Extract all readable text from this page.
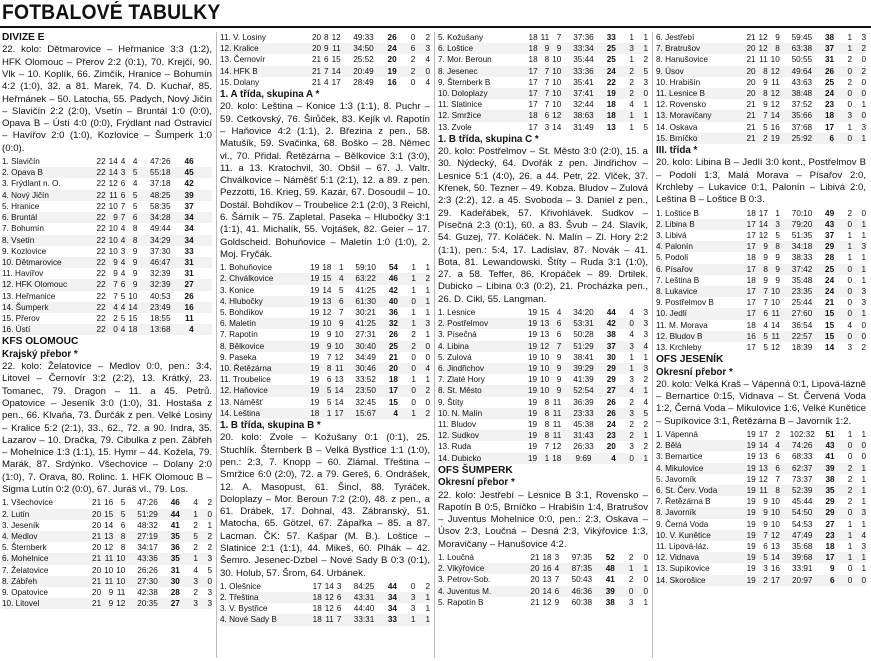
FOTBALOVÉ TABULKY
DIVIZE E

22. kolo: Dětmarovice – Heřmanice 3:3 (1:2), HFK Olomouc – Přerov 2:2 (0:1), 70. Krejčí, 90. Vlk – 10. Koplík, 66. Zimčík, Hranice – Bohumín 4:2 (1:0), 32. a 81. Marek, 74. D. Kuchař, 85. Heřmánek – 50. Latocha, 55. Padych, Nový Jičín – Slavičín 2:2 (2:0), Vsetín – Bruntál 1:0 (0:0), Opava B – Ústí 4:0 (0:0), Frýdlant nad Ostravicí – Havířov 2:0 (1:0), Kozlovice – Šumperk 1:0 (0:0).

1. Slavičín	22	14	4	4	47:26	46	
2. Opava B	22	14	3	5	55:18	45	
3. Frýdlant n. O.	22	12	6	4	37:18	42	
4. Nový Jičín	22	11	6	5	48:25	39	
5. Hranice	22	10	7	5	58:35	37	
6. Bruntál	22	9	7	6	34:28	34	
7. Bohumín	22	10	4	8	49:44	34	
8. Vsetín	22	10	4	8	34:29	34	
9. Kozlovice	22	10	3	9	37:30	33	
10. Dětmarovice	22	9	4	9	46:47	31	
11. Havířov	22	9	4	9	32:39	31	
12. HFK Olomouc	22	7	6	9	32:39	27	
13. Heřmanice	22	7	5	10	40:53	26	
14. Šumperk	22	4	4	14	23:49	16	
15. Přerov	22	2	5	15	18:55	11	
16. Ústí	22	0	4	18	13:68	4	
KFS OLOMOUC
Krajský přebor *

22. kolo: Želatovice – Medlov 0:0, pen.: 3:4, Litovel – Černovír 3:2 (2:2), 13. Krátký, 23. Tomanec, 79. Dragon – 11. a 45. Petrů. Opatovice – Jeseník 3:0 (1:0), 31. Hostaša z pen., 66. Klvaňa, 73. Ďurčák z pen. Velké Losiny – Kralice 5:2 (2:1), 33., 62., 72. a 90. Indra, 35. Lazarov – 10. Dračka, 79. Cibulka z pen. Zábřeh – Mohelnice 1:3 (1:1), 15. Hymr – 44. Kožela, 79. Marák, 87. Srdýnko. Všechovice – Dolany 2:0 (1:0), 7. Orava, 80. Rolinc. 1. HFK Olomouc B – Sigma Lutín 0:2 (0:0), 67. Juráš vl., 79. Los.

1. Všechovice	21	16	5	47:26	46	4	2
2. Lutín	20	15	5	51:29	44	1	0
3. Jeseník	20	14	6	48:32	41	2	1
4. Medlov	21	13	8	27:19	35	5	2
5. Šternberk	20	12	8	34:17	36	2	2
6. Mohelnice	21	11	10	43:36	35	1	3
7. Želatovice	20	10	10	26:26	31	4	5
8. Zábřeh	21	11	10	27:30	30	3	0
9. Opatovice	20	9	11	42:38	28	2	3
10. Litovel	21	9	12	20:35	27	3	3
11. V. Losiny	20	8	12	49:33	26	0	2
12. Kralice	20	9	11	34:50	24	6	3
13. Černovír	21	6	15	25:52	20	2	4
14. HFK B	21	7	14	20:49	19	2	0
15. Dolany	21	4	17	28:49	16	0	4
1. A třída, skupina A *

20. kolo: Leština – Konice 1:3 (1:1), 8. Puchr – 59. Cetkovský, 76. Širůček, 83. Kejík vl. Rapotín – Haňovice 4:2 (1:1), 2. Březina z pen., 58. Matušík, 59. Svačinka, 68. Boško – 28. Němec vl., 70. Přidal. Řetězárna – Bělkovice 3:1 (3:0), 11. a 13. Kratochvil, 30. Obšil – 67. J. Valtr. Chválkovice – Náměšť 5:1 (2:1), 12. a 89. z pen. Pezzotti, 16. Krieg, 59. Kazár, 67. Dosoudil – 10. Dostál. Bohdíkov – Troubelice 2:1 (2:0), 3 Reichl, 6. Šárník – 75. Zapletal. Paseka – Hlubočky 3:1 (1:1), 41. Michalík, 55. Vojtášek, 82. Geier – 17. Goldscheid. Bohuňovice – Maletín 1:0 (1:0), 2. Moj. Fryčák.

1. Bohuňovice	19	18	1	59:10	54	1	1
2. Chválkovice	19	15	4	63:22	46	1	2
3. Konice	19	14	5	41:25	42	1	1
4. Hlubočky	19	13	6	61:30	40	0	1
5. Bohdíkov	19	12	7	30:21	36	1	1
6. Maletín	19	10	9	41:25	32	1	3
7. Rapotín	19	9	10	27:31	26	2	1
8. Bělkovice	19	9	10	30:40	25	2	0
9. Paseka	19	7	12	34:49	21	0	0
10. Řetězárna	19	8	11	30:46	20	0	4
11. Troubelice	19	6	13	33:52	18	1	1
12. Haňovice	19	5	14	23:50	17	0	2
13. Náměšť	19	5	14	32:45	15	0	0
14. Leština	18	1	17	15:67	4	1	2
1. B třída, skupina B *

20. kolo: Zvole – Kožušany 0:1 (0:1), 25. Stuchlík. Šternberk B – Velká Bystřice 1:1 (1:0), pen.: 2:3, 7. Knopp – 60. Zlámal. Třeština – Smržice 6:0 (2:0), 72. a 79. Gereš, 6. Ondrášek, 12. A. Masopust, 61. Šincl, 88. Tyráček. Doloplazy – Mor. Beroun 7:2 (2:0), 48. z pen., a 61. Drábek, 17. Dohnal, 43. Zábranský, 51. Matocha, 65. Götzel, 67. Zápařka – 85. a 87. Lacman. ČK: 57. Kašpar (M. B.). Loštice – Slatinice 2:1 (1:1), 44. Mikeš, 60. Plhák – 42. Šemro. Jesenec-Dzbel – Nové Sady B 0:3 (0:1), 30. Holub, 57. Šrom, 64. Urbánek.

1. Olešnice	17	14	3	84:25	44	0	2
2. Třeština	18	12	6	43:31	34	3	1
3. V. Bystřice	18	12	6	44:40	34	3	1
4. Nové Sady B	18	11	7	33:31	33	1	1
5. Kožušany	18	11	7	37:36	33	1	1
6. Loštice	18	9	9	33:34	25	3	1
7. Mor. Beroun	18	8	10	35:44	25	1	2
8. Jesenec	17	7	10	33:36	24	2	5
9. Šternberk B	17	7	10	35:41	22	2	3
10. Doloplazy	17	7	10	37:41	19	2	0
11. Slatinice	17	7	10	32:44	18	4	1
12. Smržice	18	6	12	38:63	18	1	1
13. Zvole	17	3	14	31:49	13	1	5
1. B třída, skupina C *

20. kolo: Postřelmov – St. Město 3:0 (2:0), 15. a 30. Nýdecký, 64. Dvořák z pen. Jindřichov – Lesnice 5:1 (4:0), 26. a 44. Petr, 22. Vlček, 37. Křenek, 50. Tezner – 49. Kobza. Bludov – Zulová 2:3 (2:2), 12. a 45. Svoboda – 3. Daniel z pen., 29. Kadeřábek, 57. Křivohlávek. Sudkov – Písečná 2:3 (0:1), 60. a 83. Švub – 24. Slavík, 54. Guzej, 77. Koláček. N. Malín – Zl. Hory 2:2 (1:1), pen.: 5:4, 17. Ladislav, 87. Novák – 41. Bota, 81. Lewandowski. Štíty – Ruda 3:1 (1:0), 27. a 58. Teffer, 86. Kropáček – 89. Drtilek. Dubicko – Libina 0:3 (0:2), 21. Procházka pen., 26. D. Cikl, 55. Langman.

1. Lesnice	19	15	4	34:20	44	4	3
2. Postřelmov	19	13	6	53:31	42	0	3
3. Písečná	19	13	6	50:28	38	4	3
4. Libina	19	12	7	51:29	37	3	4
5. Zulová	19	10	9	38:41	30	1	1
6. Jindřichov	19	10	9	39:29	29	1	3
7. Zlaté Hory	19	10	9	41:39	29	3	2
8. St. Město	19	10	9	52:54	27	4	1
9. Štíty	19	8	11	36:39	26	2	4
10. N. Malín	19	8	11	23:33	26	3	5
11. Bludov	19	8	11	45:38	24	2	2
12. Sudkov	19	8	11	31:43	23	2	1
13. Ruda	19	7	12	26:33	20	3	2
14. Dubicko	19	1	18	9:69	4	0	1
OFS ŠUMPERK
Okresní přebor *

22. kolo: Jestřebí – Lesnice B 3:1, Rovensko – Rapotín B 0:5, Brníčko – Hrabišín 1:4, Bratrušov – Juventus Mohelnice 0:0, pen.: 2:3, Oskava – Úsov 2:3, Loučná – Desná 2:3, Vikýřovice 1:3, Moravičany – Hanušovice 4:2.

1. Loučná	21	18	3	97:35	52	2	0
2. Vikýřovice	20	16	4	87:35	48	1	1
3. Petrov-Sob.	20	13	7	50:43	41	2	0
4. Juventus M.	20	14	6	46:36	39	0	0
5. Rapotín B	21	12	9	60:38	38	3	1
6. Jestřebí	21	12	9	59:45	38	1	3
7. Bratrušov	20	12	8	63:38	37	1	2
8. Hanušovice	21	11	10	50:55	31	2	0
9. Úsov	20	8	12	49:64	26	0	2
10. Hrabišín	20	9	11	43:63	25	2	0
11. Lesnice B	20	8	12	38:48	24	0	0
12. Rovensko	21	9	12	37:52	23	0	1
13. Moravičany	21	7	14	35:66	18	3	0
14. Oskava	21	5	16	37:68	17	1	3
15. Brníčko	21	2	19	25:92	6	0	1
III. třída *

20. kolo: Libina B – Jedlí 3:0 kont., Postřelmov B – Podolí 1:3, Malá Morava – Písařov 2:0, Krchleby – Lukavice 0:1, Palonín – Libivá 2:0, Leština B – Loštice B 0:3.

1. Loštice B	18	17	1	70:10	49	2	0
2. Libina B	17	14	3	79:20	43	0	1
3. Libivá	17	12	5	51:35	37	1	1
4. Palonín	17	9	8	34:18	29	1	3
5. Podolí	18	9	9	38:33	28	1	1
6. Písařov	17	8	9	37:42	25	0	1
7. Leština B	18	9	9	35:48	24	0	1
8. Lukavice	17	7	10	23:35	24	0	3
9. Postřelmov B	17	7	10	25:44	21	0	3
10. Jedlí	17	6	11	27:60	15	0	1
11. M. Morava	18	4	14	36:54	15	4	0
12. Bludov B	16	5	11	22:57	15	0	0
13. Krchleby	17	5	12	18:39	14	3	2
OFS JESENÍK
Okresní přebor *

20. kolo: Velká Kraš – Vápenná 0:1, Lipová-lázně – Bernartice 0:15, Vidnava – St. Červená Voda 1:2, Černá Voda – Mikulovice 1:6, Velké Kunětice – Supíkovice 3:1, Řetězárna B – Javorník 1:2.

1. Vápenná	19	17	2	102:32	51	1	1
2. Bělá	19	14	4	74:26	43	0	0
3. Bernartice	19	13	6	68:33	41	0	0
4. Mikulovice	19	13	6	62:37	39	2	1
5. Javorník	19	12	7	73:37	38	2	1
6. St. Červ. Voda	19	11	8	52:39	35	2	1
7. Řetězárna B	19	9	10	45:44	29	2	1
8. Javorník	19	9	10	54:50	29	0	3
9. Černá Voda	19	9	10	54:53	27	1	1
10. V. Kunětice	19	7	12	47:49	23	1	4
11. Lipová-láz.	19	6	13	35:68	18	1	3
12. Vidnava	19	5	14	39:68	17	1	1
13. Supíkovice	19	3	16	33:91	9	0	1
14. Skorošice	19	2	17	20:97	6	0	0
